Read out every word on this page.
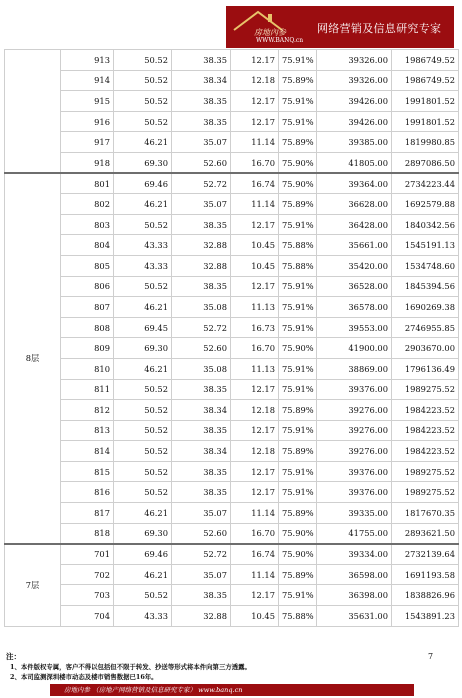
房地內参
WWW.BANQ.cn
网络营销及信息研究专家
	913	50.52	38.35	12.17	75.91%	39326.00	1986749.52
	914	50.52	38.34	12.18	75.89%	39326.00	1986749.52
	915	50.52	38.35	12.17	75.91%	39426.00	1991801.52
	916	50.52	38.35	12.17	75.91%	39426.00	1991801.52
	917	46.21	35.07	11.14	75.89%	39385.00	1819980.85
	918	69.30	52.60	16.70	75.90%	41805.00	2897086.50
8层	801	69.46	52.72	16.74	75.90%	39364.00	2734223.44
	802	46.21	35.07	11.14	75.89%	36628.00	1692579.88
	803	50.52	38.35	12.17	75.91%	36428.00	1840342.56
	804	43.33	32.88	10.45	75.88%	35661.00	1545191.13
	805	43.33	32.88	10.45	75.88%	35420.00	1534748.60
	806	50.52	38.35	12.17	75.91%	36528.00	1845394.56
	807	46.21	35.08	11.13	75.91%	36578.00	1690269.38
	808	69.45	52.72	16.73	75.91%	39553.00	2746955.85
	809	69.30	52.60	16.70	75.90%	41900.00	2903670.00
	810	46.21	35.08	11.13	75.91%	38869.00	1796136.49
	811	50.52	38.35	12.17	75.91%	39376.00	1989275.52
	812	50.52	38.34	12.18	75.89%	39276.00	1984223.52
	813	50.52	38.35	12.17	75.91%	39276.00	1984223.52
	814	50.52	38.34	12.18	75.89%	39276.00	1984223.52
	815	50.52	38.35	12.17	75.91%	39376.00	1989275.52
	816	50.52	38.35	12.17	75.91%	39376.00	1989275.52
	817	46.21	35.07	11.14	75.89%	39335.00	1817670.35
	818	69.30	52.60	16.70	75.90%	41755.00	2893621.50
7层	701	69.46	52.72	16.74	75.90%	39334.00	2732139.64
	702	46.21	35.07	11.14	75.89%	36598.00	1691193.58
	703	50.52	38.35	12.17	75.91%	36398.00	1838826.96
	704	43.33	32.88	10.45	75.88%	35631.00	1543891.23
注：
1、本件版权专属，客户不得以包括但不限于转发、抄送等形式将本件向第三方透露。
2、本司监测深圳楼市动态及楼市销售数据已16年。
7
房地内参 （房地产网络营销及信息研究专家） www.banq.cn
